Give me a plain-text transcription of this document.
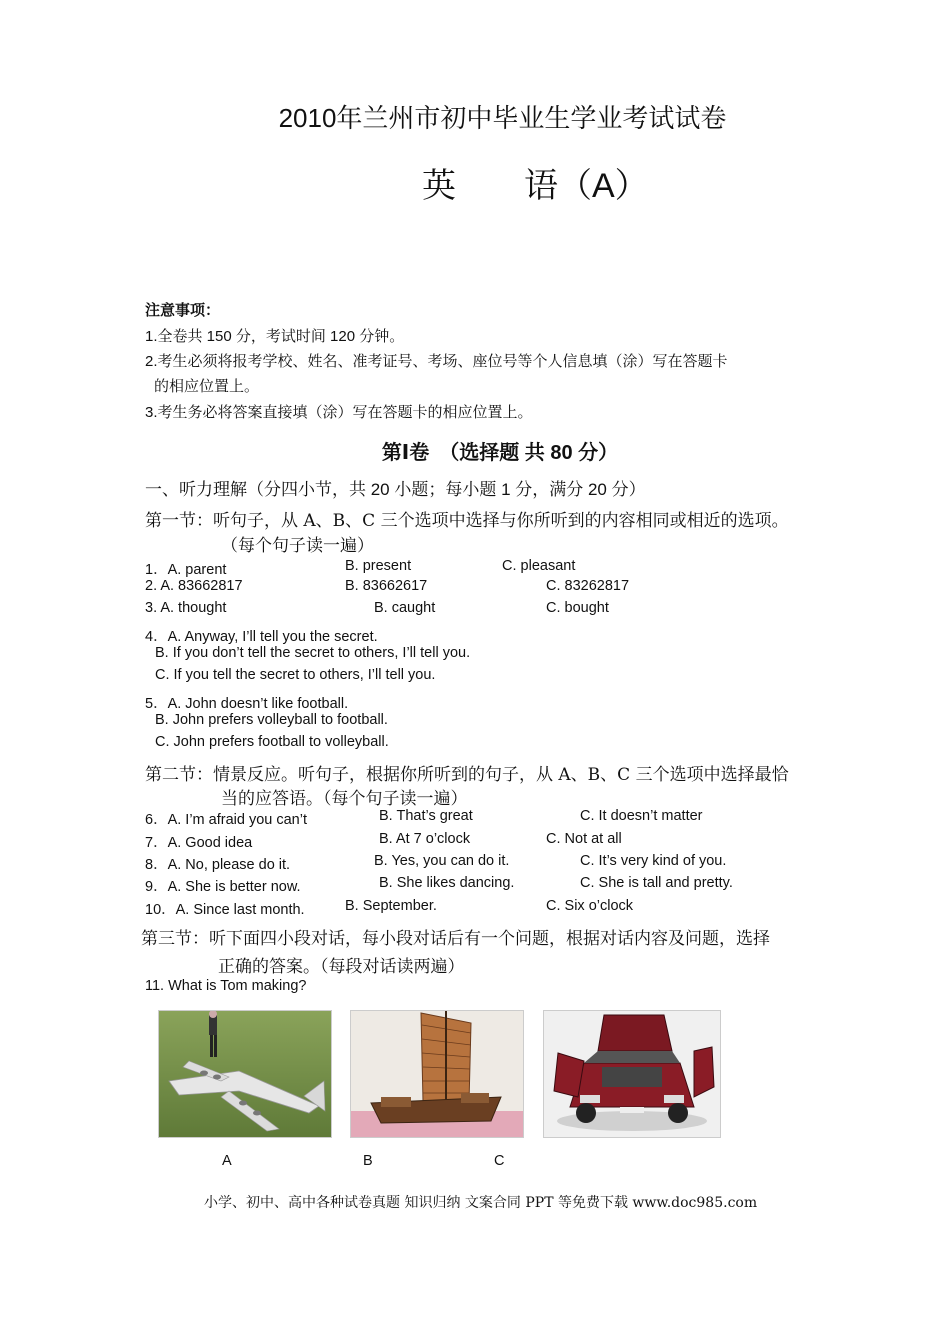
2010年兰州市初中毕业生学业考试试卷
英　　语（A）
注意事项：
1.全卷共 150 分，考试时间 120 分钟。
2.考生必须将报考学校、姓名、准考证号、考场、座位号等个人信息填（涂）写在答题卡
的相应位置上。
3.考生务必将答案直接填（涂）写在答题卡的相应位置上。
第Ⅰ卷　（选择题 共 80 分）
一、听力理解（分四小节，共 20 小题；每小题 1 分，满分 20 分）
第一节：听句子，从 A、B、C 三个选项中选择与你所听到的内容相同或相近的选项。
（每个句子读一遍）
1．A. parent	B. present	C. pleasant
2. A. 83662817	B. 83662617	C. 83262817
3. A. thought	B. caught	C. bought
4．A. Anyway, I’ll tell you the secret.
B. If you don’t tell the secret to others, I’ll tell you.
C. If you tell the secret to others, I’ll tell you.
5．A. John doesn’t like football.
B. John prefers volleyball to football.
C. John prefers football to volleyball.
第二节：情景反应。听句子，根据你所听到的句子，从 A、B、C 三个选项中选择最恰
当的应答语。（每个句子读一遍）
6．A. I’m afraid you can’t	B. That’s great	C. It doesn’t matter
7．A. Good idea	B. At 7 o’clock	C. Not at all
8．A. No, please do it.	B. Yes, you can do it.	C. It’s very kind of you.
9．A. She is better now.	B. She likes dancing.	C. She is tall and pretty.
10．A. Since last month.	B. September.	C. Six o’clock
第三节：听下面四小段对话，每小段对话后有一个问题，根据对话内容及问题，选择
正确的答案。（每段对话读两遍）
11. What is Tom making?
A	B	C
小学、初中、高中各种试卷真题 知识归纳 文案合同 PPT 等免费下载 www.doc985.com
